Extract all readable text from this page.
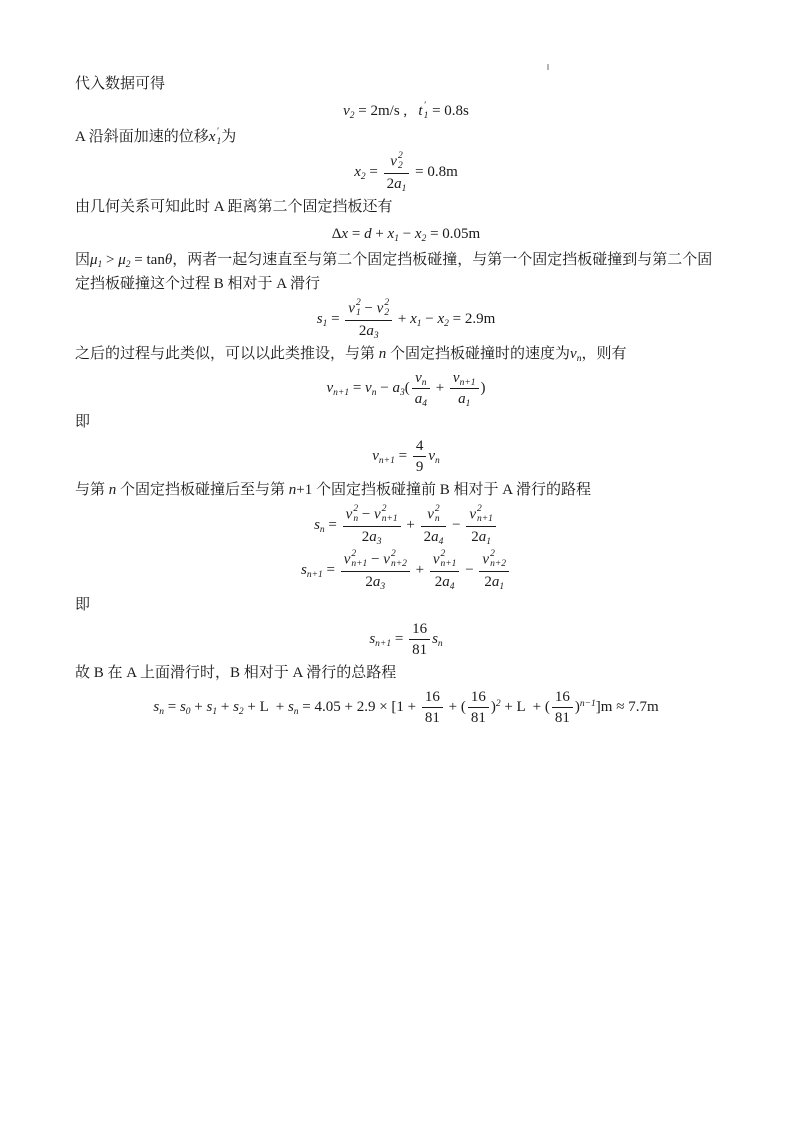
代入数据可得
$v_2 = 2m/s$ ,   t ′
1 = 0.8s
A 沿斜面加速的位移x ′
1 为
$x_2 = v$ 2
2
$2a_1 = 0.8m$
由几何关系可知此时 A 距离第二个固定挡板还有
$\Delta x = d + x_1 - x_2 = 0.05m$
因$\mu_1 > \mu_2 = \tan\theta$，两者一起匀速直至与第二个固定挡板碰撞，与第一个固定挡板碰撞到与第二个固
定挡板碰撞这个过程 B 相对于 A 滑行
$s_1 = v$ 2
1 − v 2
2
$2a_3 + x_1 - x_2 = 2.9m$
之后的过程与此类似，可以以此类推设，与第 n 个固定挡板碰撞时的速度为$v_n$，则有
$v_{n+1} = v_n - a_3( \frac{v_n}{a_4} + \frac{v_{n+1}}{a_1}$ )
即
$v_{n+1} = \frac{4}{9} v_n$
与第 n 个固定挡板碰撞后至与第 n+1 个固定挡板碰撞前 B 相对于 A 滑行的路程
$s_n = v$ 2
n − v 2
n+1
$2a_3 + v$ 2
n
$2a_4 - v$ 2
n+1
$2a_1$
$s_{n+1} = v$ 2
n+1 − v 2
n+2
$2a_3 + v$ 2
n+1
$2a_4 - v$ 2
n+2
$2a_1$
即
$s_{n+1} = \frac{16}{81} s_n$
故 B 在 A 上面滑行时，B 相对于 A 滑行的总路程
$s_n = s_0 + s_1 + s_2 + L + s_n = 4.05 + 2.9 \times [1 + \frac{16}{81}$ + ( $\frac{16}{81} )^2 + L$  + ( $\frac{16}{81} )^{n-1}]m \approx 7.7m$
